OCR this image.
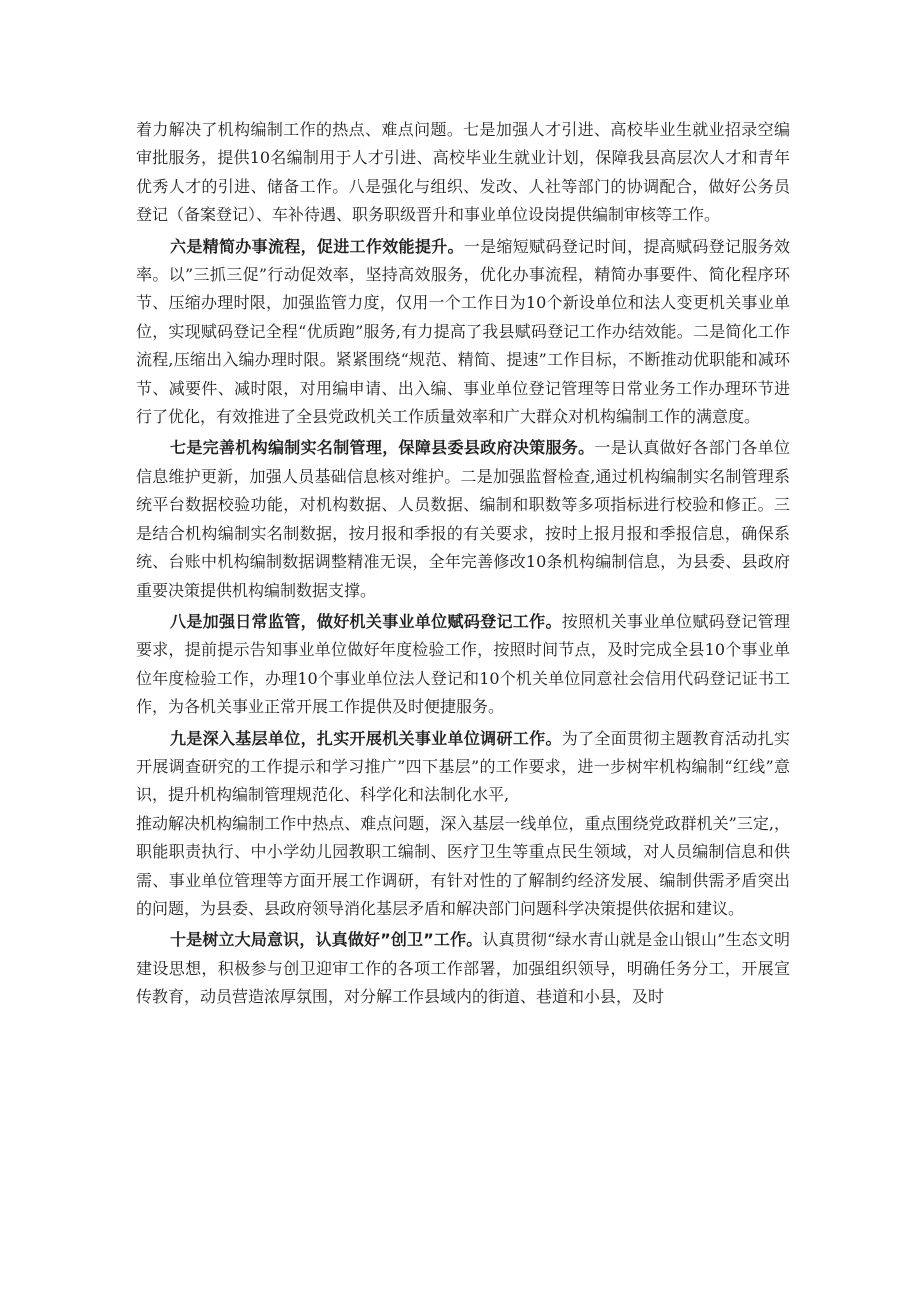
着力解决了机构编制工作的热点、难点问题。七是加强人才引进、高校毕业生就业招录空编审批服务，提供10名编制用于人才引进、高校毕业生就业计划，保障我县高层次人才和青年优秀人才的引进、储备工作。八是强化与组织、发改、人社等部门的协调配合，做好公务员登记（备案登记）、车补待遇、职务职级晋升和事业单位设岗提供编制审核等工作。

六是精简办事流程，促进工作效能提升。一是缩短赋码登记时间，提高赋码登记服务效率。以”三抓三促”行动促效率，坚持高效服务，优化办事流程，精简办事要件、简化程序环节、压缩办理时限，加强监管力度，仅用一个工作日为10个新设单位和法人变更机关事业单位，实现赋码登记全程“优质跑”服务,有力提高了我县赋码登记工作办结效能。二是简化工作流程,压缩出入编办理时限。紧紧围绕“规范、精简、提速”工作目标，不断推动优职能和减环节、减要件、减时限，对用编申请、出入编、事业单位登记管理等日常业务工作办理环节进行了优化，有效推进了全县党政机关工作质量效率和广大群众对机构编制工作的满意度。

七是完善机构编制实名制管理，保障县委县政府决策服务。一是认真做好各部门各单位信息维护更新，加强人员基础信息核对维护。二是加强监督检查,通过机构编制实名制管理系统平台数据校验功能，对机构数据、人员数据、编制和职数等多项指标进行校验和修正。三是结合机构编制实名制数据，按月报和季报的有关要求，按时上报月报和季报信息，确保系统、台账中机构编制数据调整精准无误，全年完善修改10条机构编制信息，为县委、县政府重要决策提供机构编制数据支撑。

八是加强日常监管，做好机关事业单位赋码登记工作。按照机关事业单位赋码登记管理要求，提前提示告知事业单位做好年度检验工作，按照时间节点，及时完成全县10个事业单位年度检验工作，办理10个事业单位法人登记和10个机关单位同意社会信用代码登记证书工作，为各机关事业正常开展工作提供及时便捷服务。

九是深入基层单位，扎实开展机关事业单位调研工作。为了全面贯彻主题教育活动扎实开展调查研究的工作提示和学习推广”四下基层”的工作要求，进一步树牢机构编制“红线”意识，提升机构编制管理规范化、科学化和法制化水平,

推动解决机构编制工作中热点、难点问题，深入基层一线单位，重点围绕党政群机关”三定,，职能职责执行、中小学幼儿园教职工编制、医疗卫生等重点民生领域，对人员编制信息和供需、事业单位管理等方面开展工作调研，有针对性的了解制约经济发展、编制供需矛盾突出的问题，为县委、县政府领导消化基层矛盾和解决部门问题科学决策提供依据和建议。

十是树立大局意识，认真做好”创卫”工作。认真贯彻“绿水青山就是金山银山”生态文明建设思想，积极参与创卫迎审工作的各项工作部署，加强组织领导，明确任务分工，开展宣传教育，动员营造浓厚氛围，对分解工作县域内的街道、巷道和小县，及时
